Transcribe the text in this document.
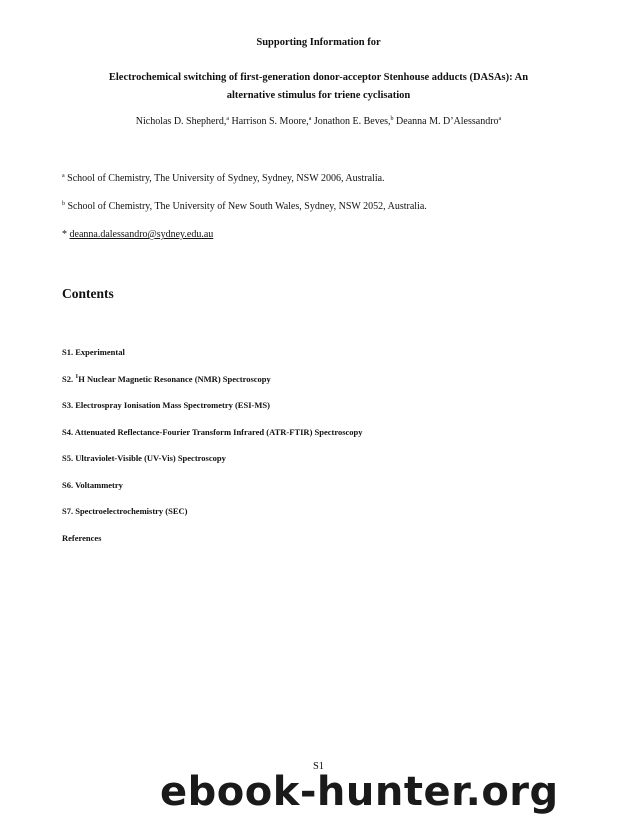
Supporting Information for
Electrochemical switching of first-generation donor-acceptor Stenhouse adducts (DASAs): An
alternative stimulus for triene cyclisation
Nicholas D. Shepherd,$^a$ Harrison S. Moore,$^a$ Jonathon E. Beves,$^b$ Deanna M. D’Alessandro$^a$
$^a$ School of Chemistry, The University of Sydney, Sydney, NSW 2006, Australia.
$^b$ School of Chemistry, The University of New South Wales, Sydney, NSW 2052, Australia.
* deanna.dalessandro@sydney.edu.au
Contents
S1. Experimental
S2. $^1$H Nuclear Magnetic Resonance (NMR) Spectroscopy
S3. Electrospray Ionisation Mass Spectrometry (ESI-MS)
S4. Attenuated Reflectance-Fourier Transform Infrared (ATR-FTIR) Spectroscopy
S5. Ultraviolet-Visible (UV-Vis) Spectroscopy
S6. Voltammetry
S7. Spectroelectrochemistry (SEC)
References
S1
ebook-hunter.org
